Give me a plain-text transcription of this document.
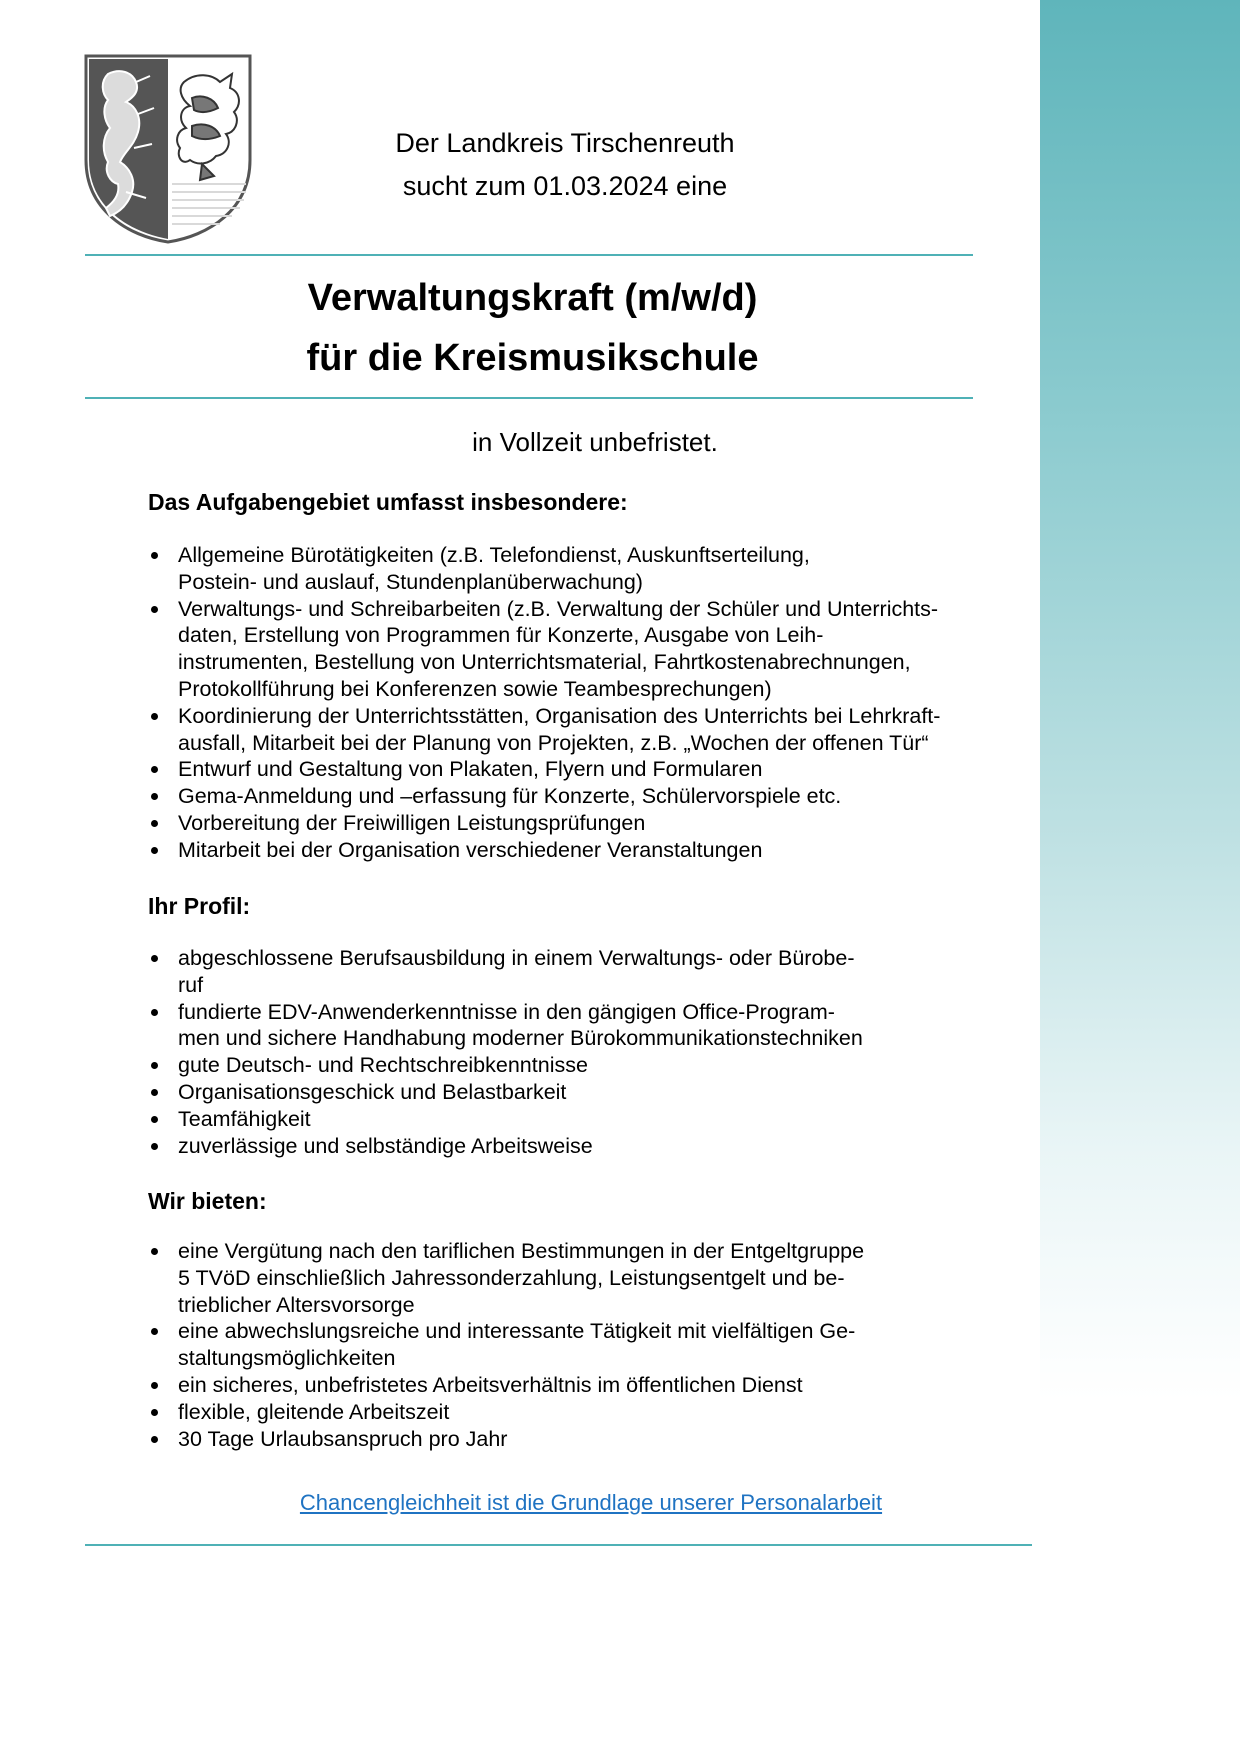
Der Landkreis Tirschenreuth
sucht zum 01.03.2024 eine
Verwaltungskraft (m/w/d)
für die Kreismusikschule
in Vollzeit unbefristet.
Das Aufgabengebiet umfasst insbesondere:
Allgemeine Bürotätigkeiten (z.B. Telefondienst, Auskunftserteilung,
Postein- und auslauf, Stundenplanüberwachung)
Verwaltungs- und Schreibarbeiten (z.B. Verwaltung der Schüler und Unterrichts-
daten, Erstellung von Programmen für Konzerte, Ausgabe von Leih-
instrumenten, Bestellung von Unterrichtsmaterial, Fahrtkostenabrechnungen,
Protokollführung bei Konferenzen sowie Teambesprechungen)
Koordinierung der Unterrichtsstätten, Organisation des Unterrichts bei Lehrkraft-
ausfall, Mitarbeit bei der Planung von Projekten, z.B. „Wochen der offenen Tür“
Entwurf und Gestaltung von Plakaten, Flyern und Formularen
Gema-Anmeldung und –erfassung für Konzerte, Schülervorspiele etc.
Vorbereitung der Freiwilligen Leistungsprüfungen
Mitarbeit bei der Organisation verschiedener Veranstaltungen
Ihr Profil:
abgeschlossene Berufsausbildung in einem Verwaltungs- oder Bürobe-
ruf
fundierte EDV-Anwenderkenntnisse in den gängigen Office-Program-
men und sichere Handhabung moderner Bürokommunikationstechniken
gute Deutsch- und Rechtschreibkenntnisse
Organisationsgeschick und Belastbarkeit
Teamfähigkeit
zuverlässige und selbständige Arbeitsweise
Wir bieten:
eine Vergütung nach den tariflichen Bestimmungen in der Entgeltgruppe
5 TVöD einschließlich Jahressonderzahlung, Leistungsentgelt und be-
trieblicher Altersvorsorge
eine abwechslungsreiche und interessante Tätigkeit mit vielfältigen Ge-
staltungsmöglichkeiten
ein sicheres, unbefristetes Arbeitsverhältnis im öffentlichen Dienst
flexible, gleitende Arbeitszeit
30 Tage Urlaubsanspruch pro Jahr
Chancengleichheit ist die Grundlage unserer Personalarbeit
